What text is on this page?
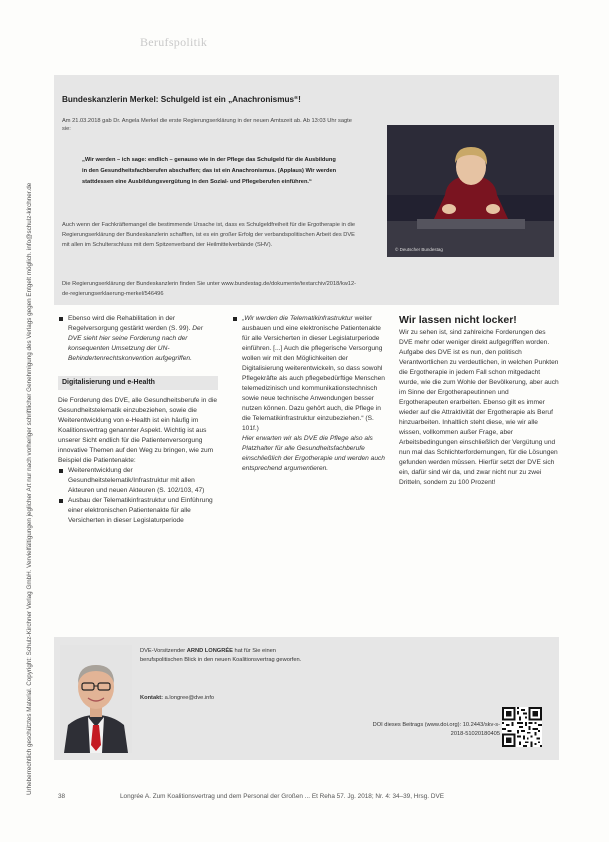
Berufspolitik
Urheberrechtlich geschütztes Material. Copyright: Schulz-Kirchner Verlag GmbH. Vervielfältigungen jeglicher Art nur nach vorheriger schriftlicher Genehmigung des Verlags gegen Entgelt möglich. info@schulz-kirchner.de
Bundeskanzlerin Merkel: Schulgeld ist ein „Anachronismus“!
Am 21.03.2018 gab Dr. Angela Merkel die erste Regierungserklärung in der neuen Amtszeit ab. Ab 13:03 Uhr sagte sie:
„Wir werden – ich sage: endlich – genauso wie in der Pflege das Schulgeld für die Ausbildung in den Gesundheitsfachberufen abschaffen; das ist ein Anachronismus. (Applaus) Wir werden stattdessen eine Ausbildungsvergütung in den Sozial- und Pflegeberufen einführen.“
Auch wenn der Fachkräftemangel die bestimmende Ursache ist, dass es Schulgeldfreiheit für die Ergotherapie in die Regierungserklärung der Bundeskanzlerin schafften, ist es ein großer Erfolg der verbandspolitischen Arbeit des DVE mit allen im Schulterschluss mit dem Spitzenverband der Heilmittelverbände (SHV).
Die Regierungserklärung der Bundeskanzlerin finden Sie unter www.bundestag.de/dokumente/textarchiv/2018/kw12-de-regierungserklaerung-merkel/546496
© Deutscher Bundestag
Ebenso wird die Rehabilitation in der Regelversorgung gestärkt werden (S. 99). Der DVE sieht hier seine Forderung nach der konsequenten Umsetzung der UN-Behindertenrechtskonvention aufgegriffen.
Digitalisierung und e-Health

Die Forderung des DVE, alle Gesundheitsberufe in die Gesundheitstelematik einzubeziehen, sowie die Weiterentwicklung von e-Health ist ein häufig im Koalitionsvertrag genannter Aspekt. Wichtig ist aus unserer Sicht endlich für die Patientenversorgung innovative Themen auf den Weg zu bringen, wie zum Beispiel die Patientenakte:

Weiterentwicklung der Gesundheitstelematik/Infrastruktur mit allen Akteuren und neuen Akteuren (S. 102/103, 47)
Ausbau der Telematikinfrastruktur und Einführung einer elektronischen Patientenakte für alle Versicherten in dieser Legislaturperiode
„Wir werden die Telematikinfrastruktur weiter ausbauen und eine elektronische Patientenakte für alle Versicherten in dieser Legislaturperiode einführen. [...] Auch die pflegerische Versorgung wollen wir mit den Möglichkeiten der Digitalisierung weiterentwickeln, so dass sowohl Pflegekräfte als auch pflegebedürftige Menschen telemedizinisch und kommunikationstechnisch sowie neue technische Anwendungen besser nutzen können. Dazu gehört auch, die Pflege in die Telematikinfrastruktur einzubeziehen.“ (S. 101f.)

Hier erwarten wir als DVE die Pflege also als Platzhalter für alle Gesundheitsfachberufe einschließlich der Ergotherapie und werden auch entsprechend argumentieren.

Wir lassen nicht locker!

Wir zu sehen ist, sind zahlreiche Forderungen des DVE mehr oder weniger direkt aufgegriffen worden. Aufgabe des DVE ist es nun, den politisch Verantwortlichen zu verdeutlichen, in welchen Punkten die Ergotherapie in jedem Fall schon mitgedacht wurde, wie die zum Wohle der Bevölkerung, aber auch im Sinne der Ergotherapeutinnen und Ergotherapeuten erarbeiten. Ebenso gilt es immer wieder auf die Attraktivität der Ergotherapie als Beruf hinzuarbeiten. Inhaltlich steht diese, wie wir alle wissen, vollkommen außer Frage, aber Arbeitsbedingungen einschließlich der Vergütung und nun mal das Schlichterfordernungen, für die Lösungen gefunden werden müssen. Hierfür setzt der DVE sich ein, dafür sind wir da, und zwar nicht nur zu zwei Dritteln, sondern zu 100 Prozent!

DVE-Vorsitzender ARND LONGRÉE hat für Sie einen berufspolitischen Blick in den neuen Koalitionsvertrag geworfen.
Kontakt: a.longree@dve.info
DOI dieses Beitrags (www.doi.org): 10.2443/skv-s-2018-51020180405
38	Longrée A. Zum Koalitionsvertrag und dem Personal der Großen ... Et Reha 57. Jg. 2018; Nr. 4: 34–39, Hrsg. DVE
